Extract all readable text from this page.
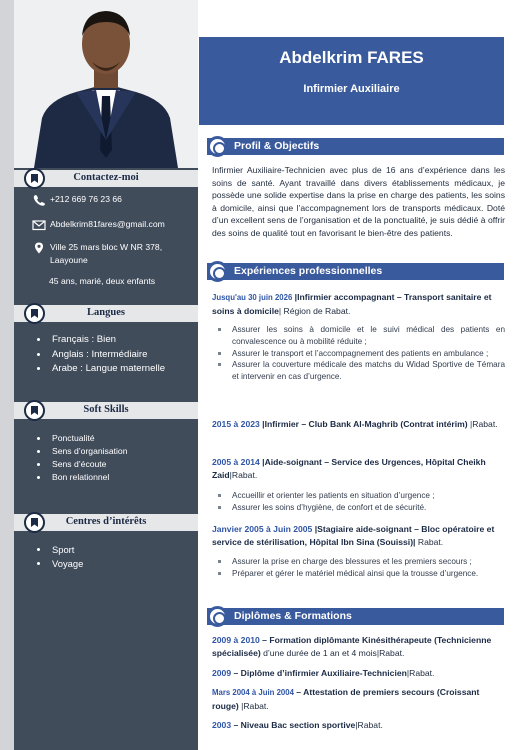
Contactez-moi
+212 669 76 23 66
Abdelkrim81fares@gmail.com
Ville 25 mars bloc W NR 378, Laayoune
45 ans, marié, deux enfants
Langues
Français : Bien
Anglais : Intermédiaire
Arabe : Langue maternelle
Soft Skills
Ponctualité
Sens d’organisation
Sens d’écoute
Bon relationnel
Centres d’intérêts
Sport
Voyage
Abdelkrim FARES
Infirmier Auxiliaire
Profil & Objectifs
Infirmier Auxiliaire-Technicien avec plus de 16 ans d’expérience dans les soins de santé. Ayant travaillé dans divers établissements médicaux, je possède une solide expertise dans la prise en charge des patients, les soins à domicile, ainsi que l’accompagnement lors de transports médicaux. Doté d’un excellent sens de l’organisation et de la ponctualité, je suis dédié à offrir des soins de qualité tout en favorisant le bien-être des patients.
Expériences professionnelles
Jusqu'au 30 juin 2026 |Infirmier accompagnant – Transport sanitaire et soins à domicile| Région de Rabat.
Assurer les soins à domicile et le suivi médical des patients en convalescence ou à mobilité réduite ;
Assurer le transport et l’accompagnement des patients en ambulance ;
Assurer la couverture médicale des matchs du Widad Sportive de Témara et intervenir en cas d’urgence.
2015 à 2023 |Infirmier – Club Bank Al-Maghrib (Contrat intérim) |Rabat.
2005 à 2014 |Aide-soignant – Service des Urgences, Hôpital Cheikh Zaid|Rabat.
Accueillir et orienter les patients en situation d’urgence ;
Assurer les soins d’hygiène, de confort et de sécurité.
Janvier 2005 à Juin 2005 |Stagiaire aide-soignant – Bloc opératoire et service de stérilisation, Hôpital Ibn Sina (Souissi)| Rabat.
Assurer la prise en charge des blessures et les premiers secours ;
Préparer et gérer le matériel médical ainsi que la trousse d’urgence.
Diplômes & Formations
2009 à 2010 – Formation diplômante Kinésithérapeute (Technicienne spécialisée) d’une durée de 1 an et 4 mois|Rabat.
2009 – Diplôme d’infirmier Auxiliaire-Technicien|Rabat.
Mars 2004 à Juin 2004 – Attestation de premiers secours (Croissant rouge) |Rabat.
2003 – Niveau Bac section sportive|Rabat.
